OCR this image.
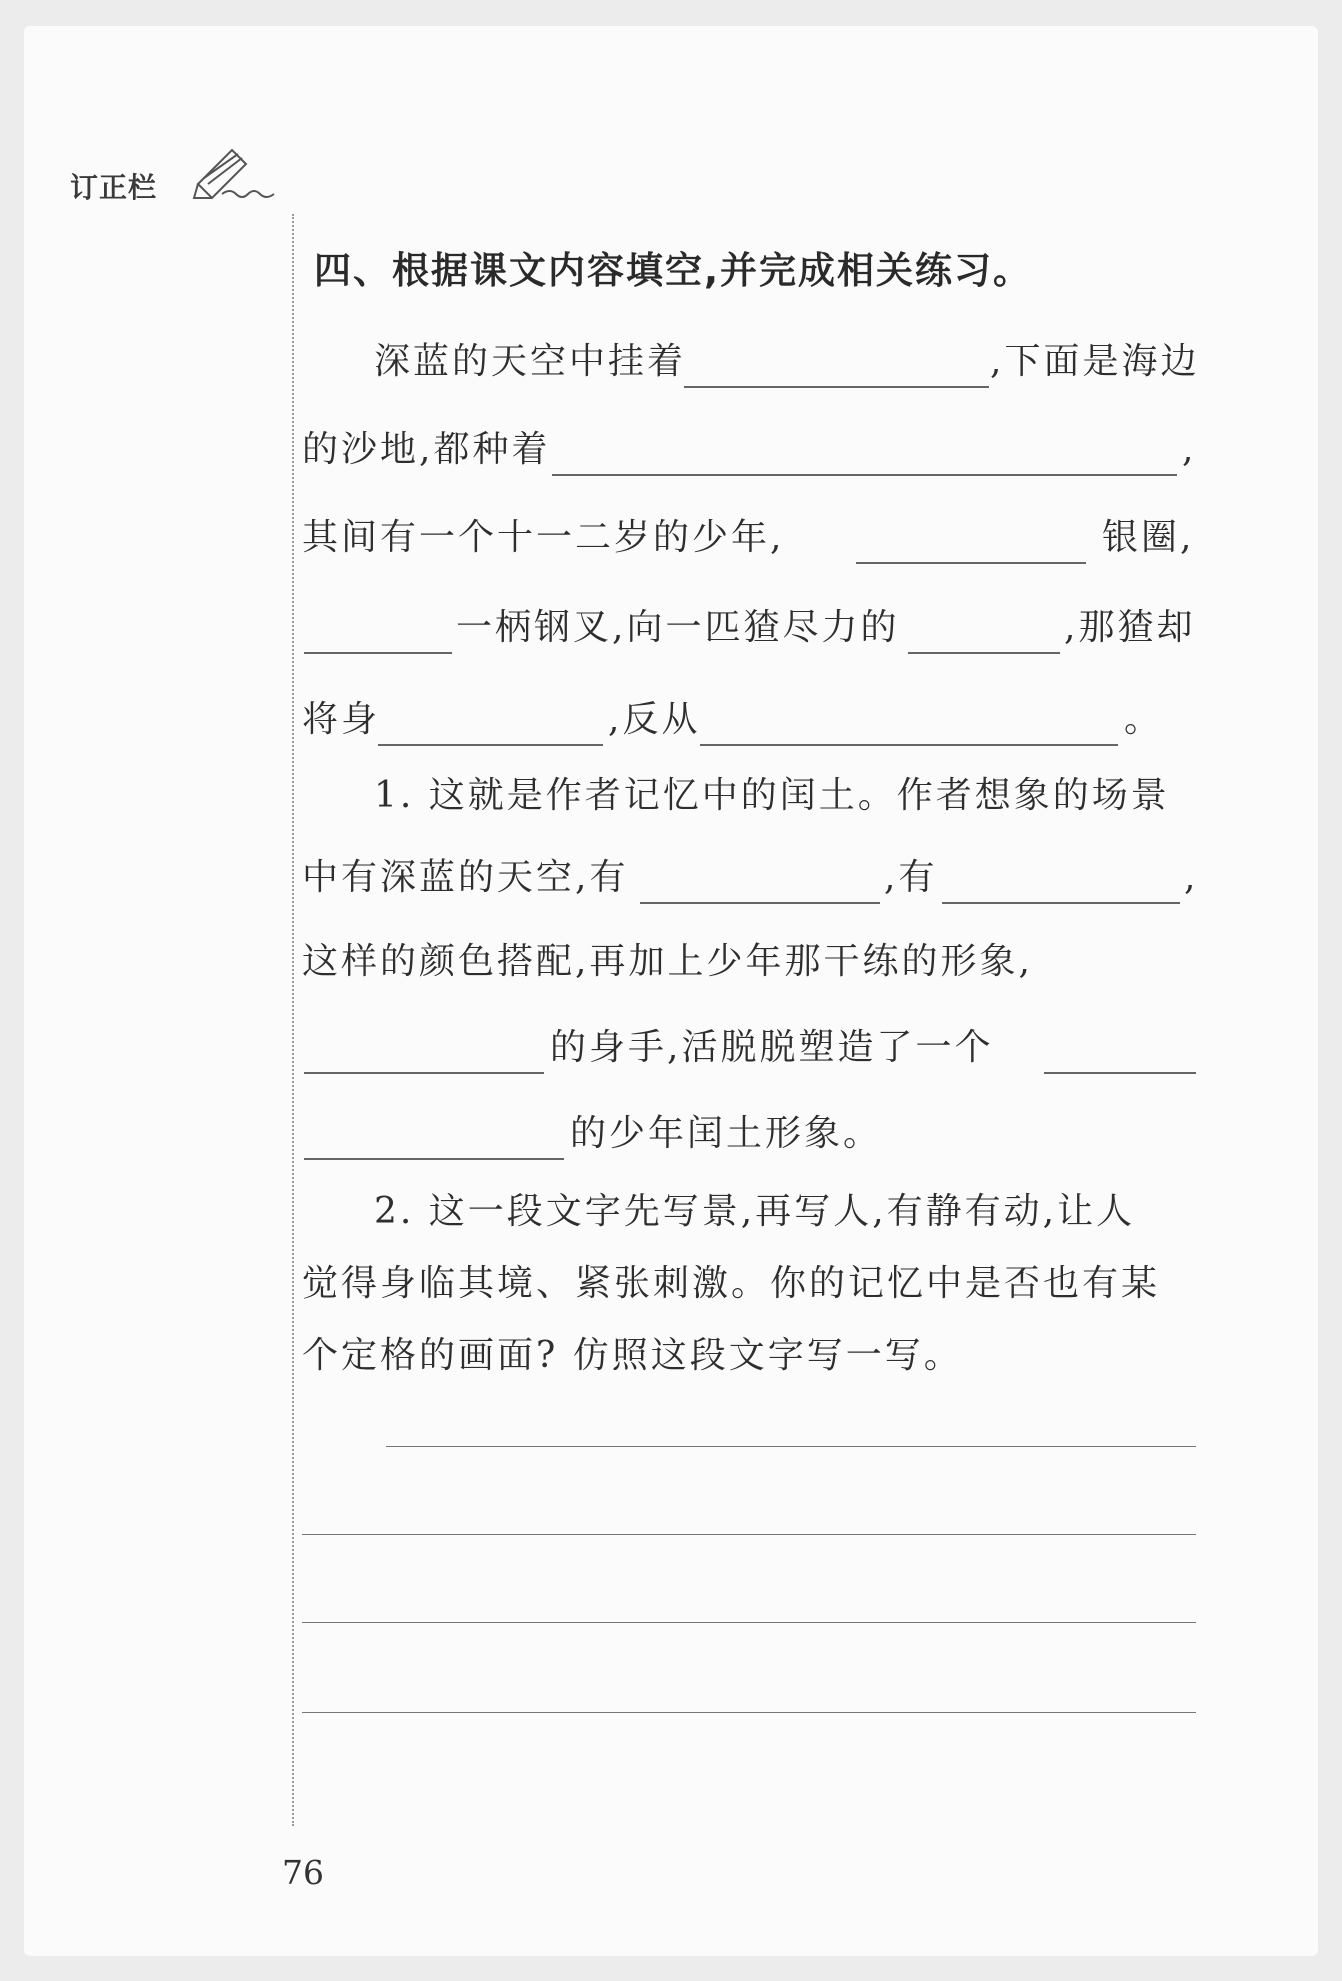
订正栏
四、根据课文内容填空,并完成相关练习。
深蓝的天空中挂着	,下面是海边
的沙地,都种着	,
其间有一个十一二岁的少年,	银圈,
一柄钢叉,向一匹猹尽力的	,那猹却
将身	,反从	。
1. 这就是作者记忆中的闰土。作者想象的场景
中有深蓝的天空,有	,有	,
这样的颜色搭配,再加上少年那干练的形象,
的身手,活脱脱塑造了一个
的少年闰土形象。
2. 这一段文字先写景,再写人,有静有动,让人
觉得身临其境、紧张刺激。你的记忆中是否也有某
个定格的画面? 仿照这段文字写一写。
76
